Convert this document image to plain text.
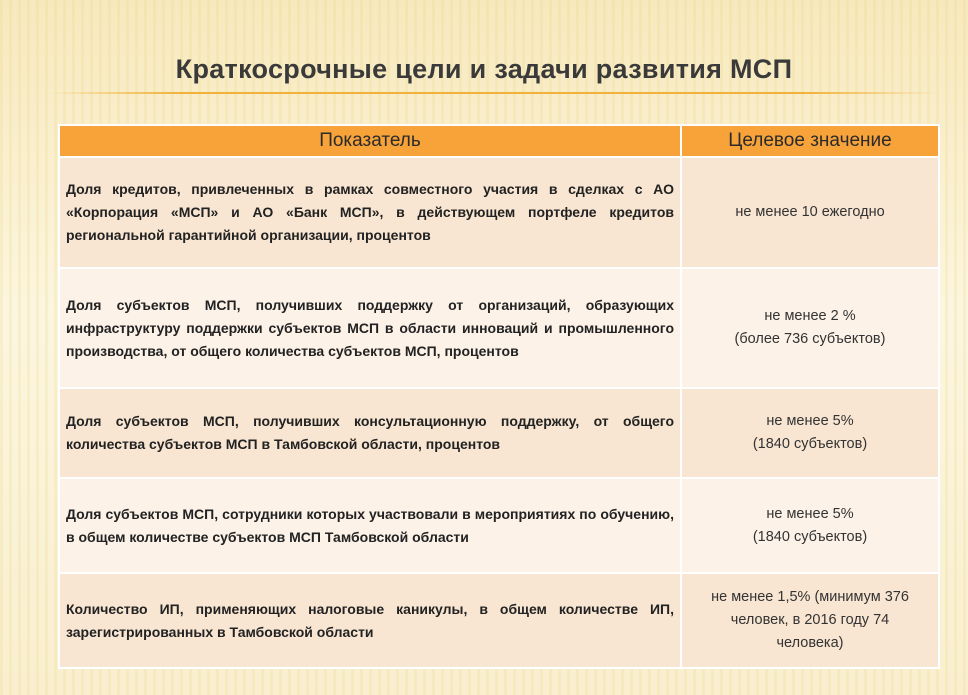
Краткосрочные цели и задачи развития МСП
Показатель	Целевое значение
Доля кредитов, привлеченных в рамках совместного участия в сделках с АО «Корпорация «МСП» и АО «Банк МСП», в действующем портфеле кредитов региональной гарантийной организации, процентов	не менее 10 ежегодно

Доля субъектов МСП, получивших поддержку от организаций, образующих инфраструктуру поддержки субъектов МСП в области инноваций и промышленного производства, от общего количества субъектов МСП, процентов	не менее 2 %
(более 736 субъектов)

Доля субъектов МСП, получивших консультационную поддержку, от общего количества субъектов МСП в Тамбовской области, процентов	не менее 5%
(1840 субъектов)

Доля субъектов МСП, сотрудники которых участвовали в мероприятиях по обучению, в общем количестве субъектов МСП Тамбовской области	не менее 5%
(1840 субъектов)

Количество ИП, применяющих налоговые каникулы, в общем количестве ИП, зарегистрированных в Тамбовской области	не менее 1,5% (минимум 376
человек, в 2016 году 74
человека)
